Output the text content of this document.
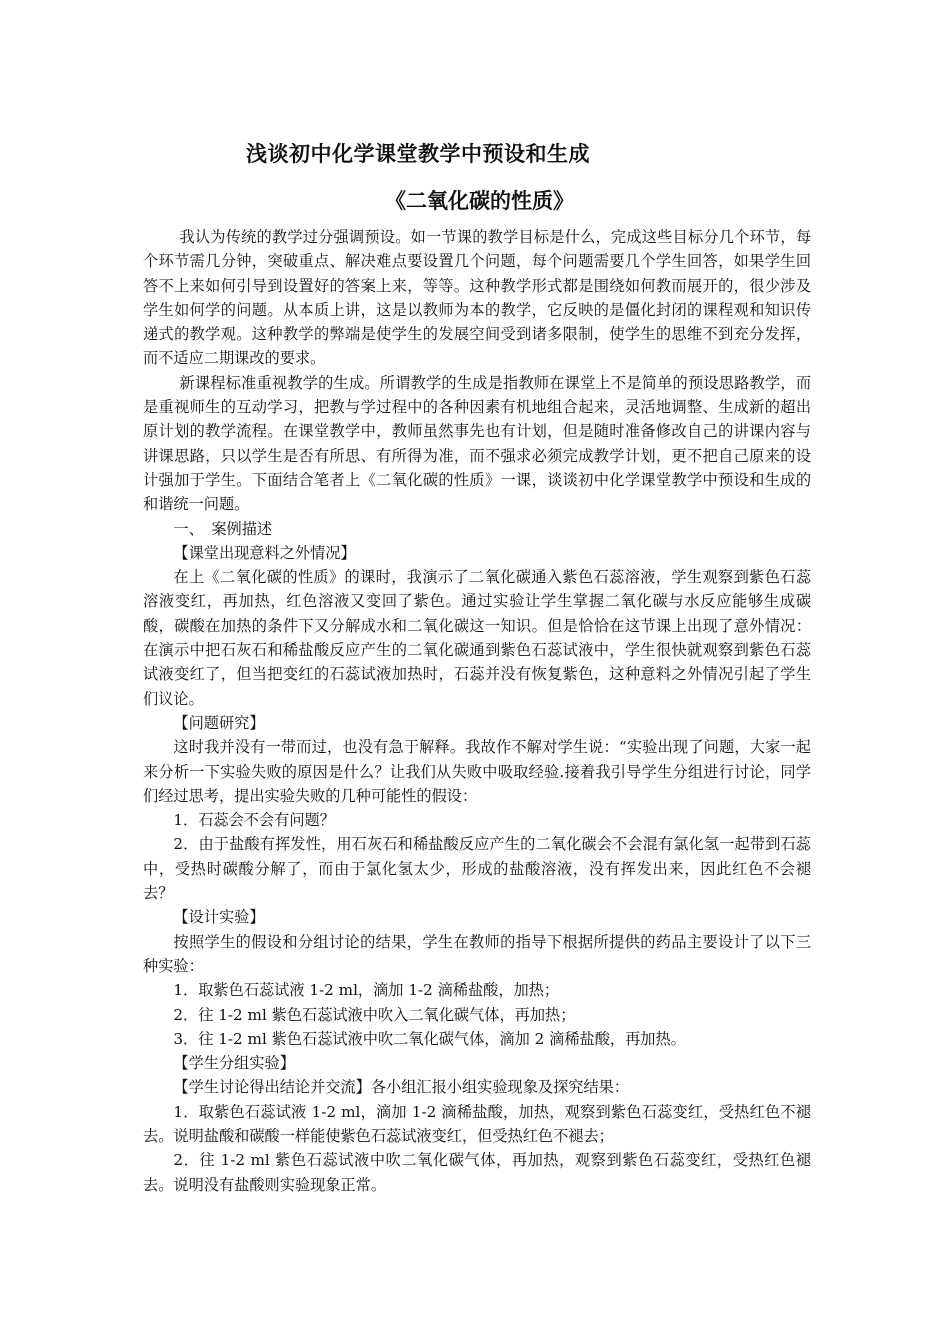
浅谈初中化学课堂教学中预设和生成
《二氧化碳的性质》

我认为传统的教学过分强调预设。如一节课的教学目标是什么，完成这些目标分几个环节，每个环节需几分钟，突破重点、解决难点要设置几个问题，每个问题需要几个学生回答，如果学生回答不上来如何引导到设置好的答案上来，等等。这种教学形式都是围绕如何教而展开的，很少涉及学生如何学的问题。从本质上讲，这是以教师为本的教学，它反映的是僵化封闭的课程观和知识传递式的教学观。这种教学的弊端是使学生的发展空间受到诸多限制，使学生的思维不到充分发挥，而不适应二期课改的要求。

新课程标准重视教学的生成。所谓教学的生成是指教师在课堂上不是简单的预设思路教学，而是重视师生的互动学习，把教与学过程中的各种因素有机地组合起来，灵活地调整、生成新的超出原计划的教学流程。在课堂教学中，教师虽然事先也有计划，但是随时准备修改自己的讲课内容与讲课思路，只以学生是否有所思、有所得为准，而不强求必须完成教学计划，更不把自己原来的设计强加于学生。下面结合笔者上《二氧化碳的性质》一课，谈谈初中化学课堂教学中预设和生成的和谐统一问题。

一、　案例描述

【课堂出现意料之外情况】

在上《二氧化碳的性质》的课时，我演示了二氧化碳通入紫色石蕊溶液，学生观察到紫色石蕊溶液变红，再加热，红色溶液又变回了紫色。通过实验让学生掌握二氧化碳与水反应能够生成碳酸，碳酸在加热的条件下又分解成水和二氧化碳这一知识。但是恰恰在这节课上出现了意外情况：在演示中把石灰石和稀盐酸反应产生的二氧化碳通到紫色石蕊试液中，学生很快就观察到紫色石蕊试液变红了，但当把变红的石蕊试液加热时，石蕊并没有恢复紫色，这种意料之外情况引起了学生们议论。

【问题研究】

这时我并没有一带而过，也没有急于解释。我故作不解对学生说：“实验出现了问题，大家一起来分析一下实验失败的原因是什么？让我们从失败中吸取经验.接着我引导学生分组进行讨论，同学们经过思考，提出实验失败的几种可能性的假设：

1．石蕊会不会有问题？

2．由于盐酸有挥发性，用石灰石和稀盐酸反应产生的二氧化碳会不会混有氯化氢一起带到石蕊中，受热时碳酸分解了，而由于氯化氢太少，形成的盐酸溶液，没有挥发出来，因此红色不会褪去？

【设计实验】

按照学生的假设和分组讨论的结果，学生在教师的指导下根据所提供的药品主要设计了以下三种实验：

1．取紫色石蕊试液 1-2 ml，滴加 1-2 滴稀盐酸，加热；

2．往 1-2 ml 紫色石蕊试液中吹入二氧化碳气体，再加热；

3．往 1-2 ml 紫色石蕊试液中吹二氧化碳气体，滴加 2 滴稀盐酸，再加热。

【学生分组实验】

【学生讨论得出结论并交流】各小组汇报小组实验现象及探究结果：

1．取紫色石蕊试液 1-2 ml，滴加 1-2 滴稀盐酸，加热，观察到紫色石蕊变红，受热红色不褪去。说明盐酸和碳酸一样能使紫色石蕊试液变红，但受热红色不褪去；

2．往 1-2 ml 紫色石蕊试液中吹二氧化碳气体，再加热，观察到紫色石蕊变红，受热红色褪去。说明没有盐酸则实验现象正常。
